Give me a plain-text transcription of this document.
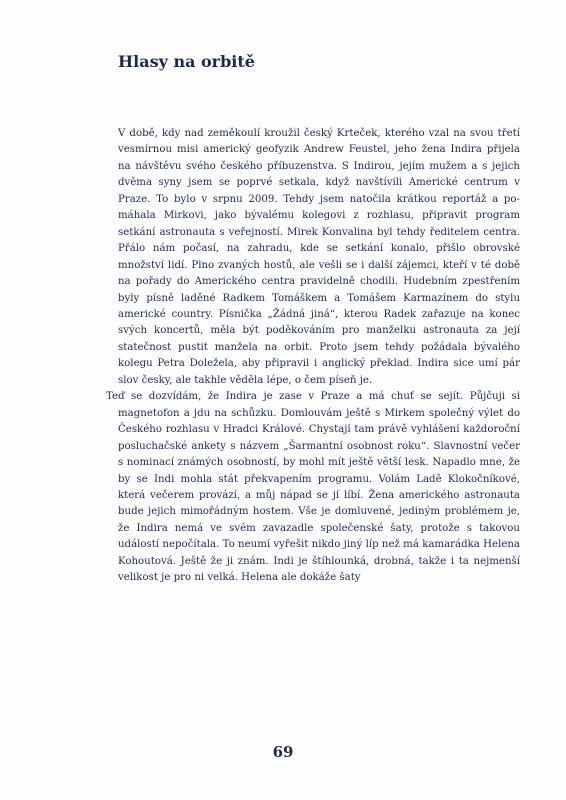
Hlasy na orbitě

V době, kdy nad zeměkoulí kroužil český Krteček, kterého vzal na svou třetí vesmírnou misi americký geofyzik Andrew Feustel, jeho žena Indira přijela na návštěvu svého českého příbuzenstva. S Indirou, jejím mužem a s jejich dvěma syny jsem se poprvé setkala, když navštívili Americké centrum v Praze. To bylo v srpnu 2009. Tehdy jsem natočila krátkou reportáž a pomáhala Mirkovi, jako bývalému kolegovi z rozhlasu, připravit program setkání astronauta s veřejností. Mirek Konvalina byl tehdy ředitelem centra. Přálo nám počasí, na zahradu, kde se setkání konalo, přišlo obrovské množství lidí. Plno zvaných hostů, ale vešli se i další zájemci, kteří v té době na pořady do Amerického centra pravidelně chodili. Hudebním zpestřením byly písně laděné Radkem Tomáškem a Tomášem Karmazínem do stylu americké country. Písnička „Žádná jiná“, kterou Radek zařazuje na konec svých koncertů, měla být poděkováním pro manželku astronauta za její statečnost pustit manžela na orbit. Proto jsem tehdy požádala bývalého kolegu Petra Doležela, aby připravil i anglický překlad. Indira sice umí pár slov česky, ale takhle věděla lépe, o čem píseň je.

Teď se dozvídám, že Indira je zase v Praze a má chuť se sejít. Půjčuji si magnetofon a jdu na schůzku. Domlouvám ještě s Mirkem společný výlet do Českého rozhlasu v Hradci Králové. Chystají tam právě vyhlášení každoroční posluchačské ankety s názvem „Šarmantní osobnost roku“. Slavnostní večer s nominací známých osobností, by mohl mít ještě větší lesk. Napadlo mne, že by se Indi mohla stát překvapením programu. Volám Ladě Klokočníkové, která večerem provází, a můj nápad se jí líbí. Žena amerického astronauta bude jejich mimořádným hostem. Vše je domluvené, jediným problémem je, že Indira nemá ve svém zavazadle společenské šaty, protože s takovou událostí nepočítala. To neumí vyřešit nikdo jiný líp než má kamarádka Helena Kohoutová. Ještě že ji znám. Indi je štíhlounká, drobná, takže i ta nejmenší velikost je pro ni velká. Helena ale dokáže šaty

69
